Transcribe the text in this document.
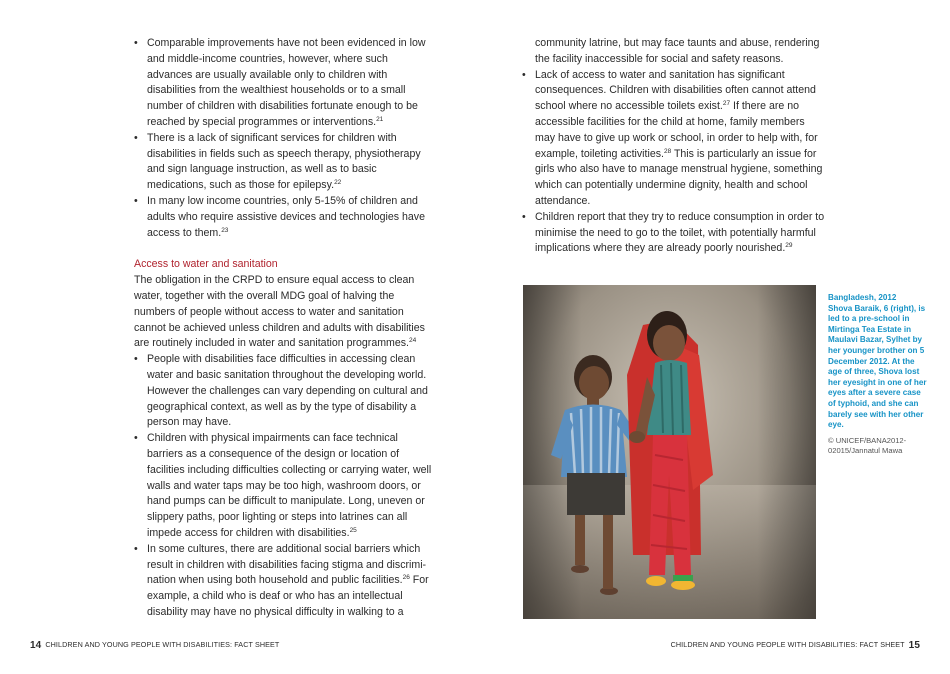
• Comparable improvements have not been evidenced in low and middle-income countries, however, where such advances are usually available only to children with disabilities from the wealthiest households or to a small number of children with disabilities fortunate enough to be reached by special programmes or interventions.$^{21}$
• There is a lack of significant services for children with disabilities in fields such as speech therapy, physiotherapy and sign language instruction, as well as to basic medications, such as those for epilepsy.$^{22}$
• In many low income countries, only 5-15% of children and adults who require assistive devices and technologies have access to them.$^{23}$
Access to water and sanitation

The obligation in the CRPD to ensure equal access to clean water, together with the overall MDG goal of halving the numbers of people without access to water and sanitation cannot be achieved unless children and adults with disabilities are routinely included in water and sanitation programmes.$^{24}$

• People with disabilities face difficulties in accessing clean water and basic sanitation throughout the developing world. However the challenges can vary depending on cultural and geographical context, as well as by the type of disability a person may have.
• Children with physical impairments can face technical barriers as a consequence of the design or location of facilities including difficulties collecting or carrying water, well walls and water taps may be too high, washroom doors, or hand pumps can be difficult to manipulate. Long, uneven or slippery paths, poor lighting or steps into latrines can all impede access for children with disabilities.$^{25}$
• In some cultures, there are additional social barriers which result in children with disabilities facing stigma and discrimi-nation when using both household and public facilities.$^{26}$ For example, a child who is deaf or who has an intellectual disability may have no physical difficulty in walking to a

community latrine, but may face taunts and abuse, rendering the facility inaccessible for social and safety reasons.

• Lack of access to water and sanitation has significant consequences. Children with disabilities often cannot attend school where no accessible toilets exist.$^{27}$ If there are no accessible facilities for the child at home, family members may have to give up work or school, in order to help with, for example, toileting activities.$^{28}$ This is particularly an issue for girls who also have to manage menstrual hygiene, something which can potentially undermine dignity, health and school attendance.
• Children report that they try to reduce consumption in order to minimise the need to go to the toilet, with potentially harmful implications where they are already poorly nourished.$^{29}$
Bangladesh, 2012
Shova Baraik, 6 (right), is led to a pre-school in Mirtinga Tea Estate in Maulavi Bazar, Sylhet by her younger brother on 5 December 2012. At the age of three, Shova lost her eyesight in one of her eyes after a severe case of typhoid, and she can barely see with her other eye.
© UNICEF/BANA2012-02015/Jannatul Mawa
14 CHILDREN AND YOUNG PEOPLE WITH DISABILITIES: FACT SHEET	CHILDREN AND YOUNG PEOPLE WITH DISABILITIES: FACT SHEET 15
